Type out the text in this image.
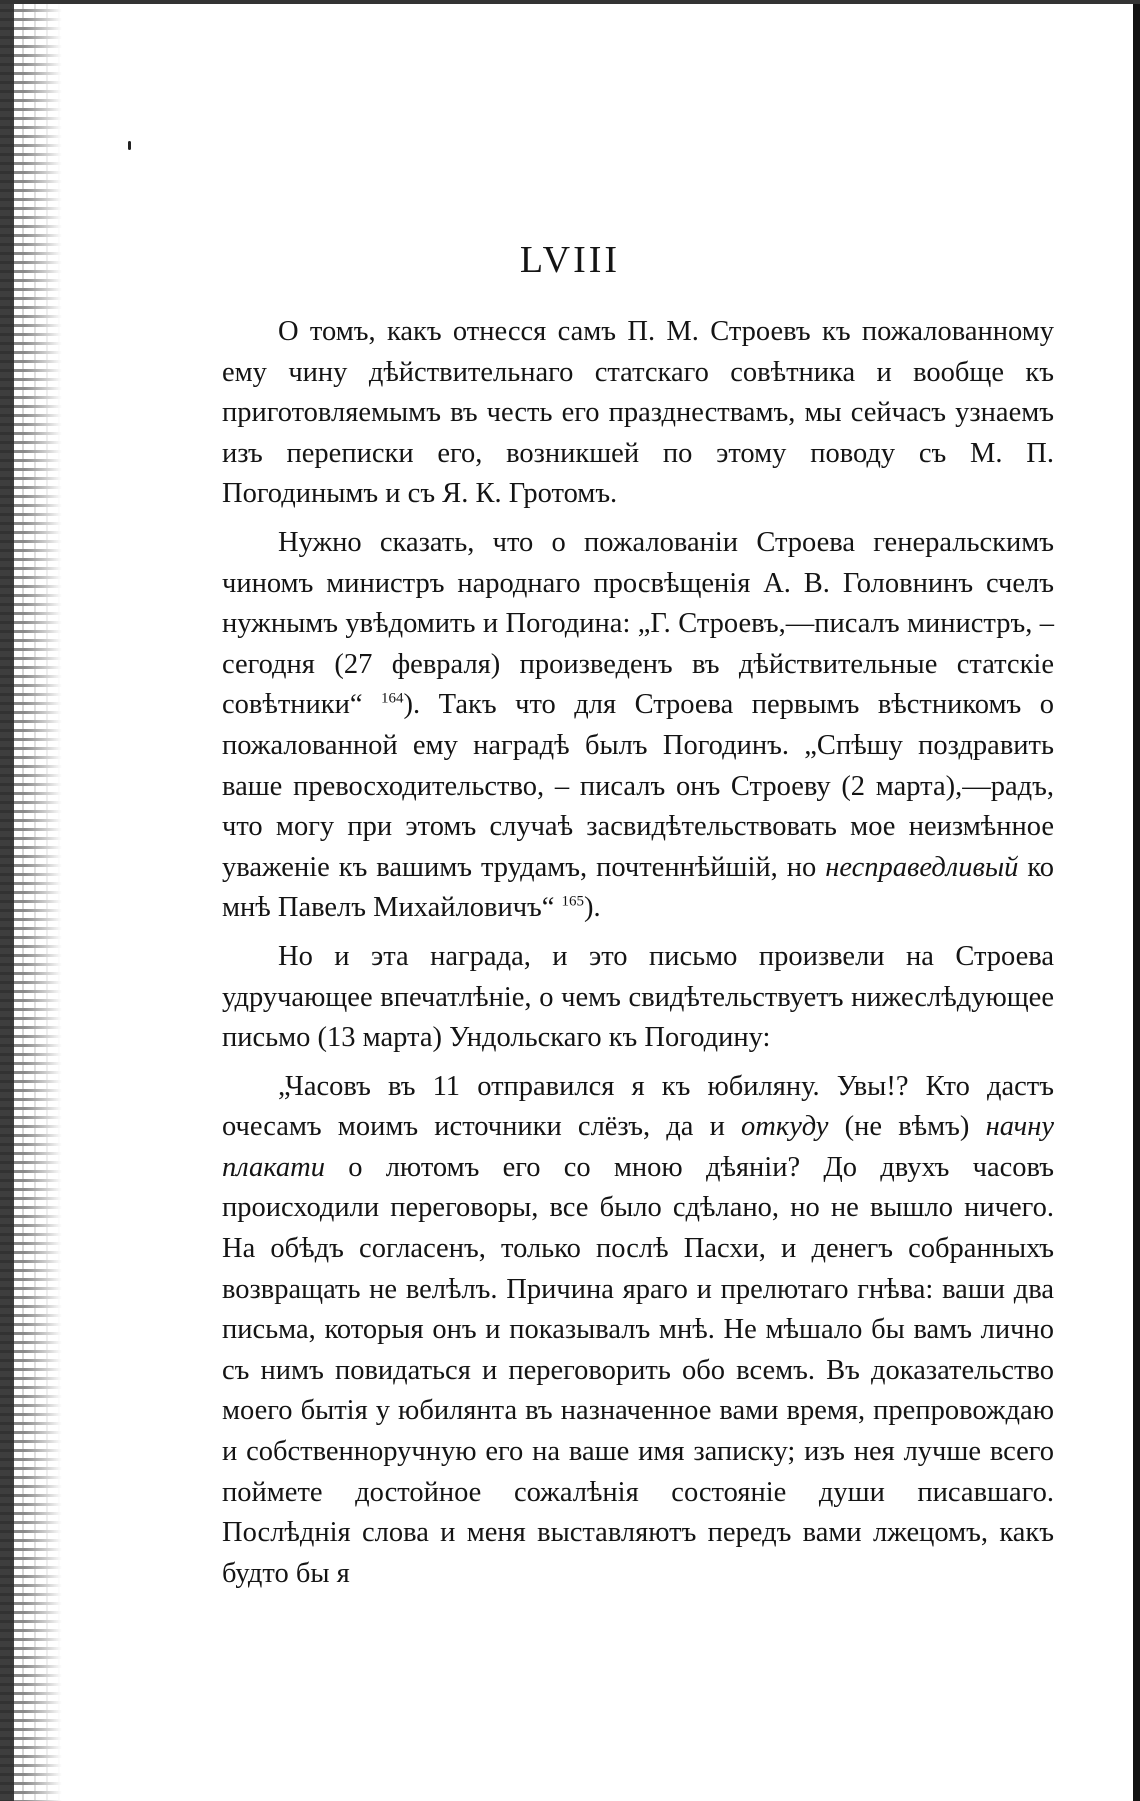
LVIII

О томъ, какъ отнесся самъ П. М. Строевъ къ пожалованному ему чину дѣйствительнаго статскаго совѣтника и вообще къ приготовляемымъ въ честь его празднествамъ, мы сейчасъ узнаемъ изъ переписки его, возникшей по этому поводу съ М. П. Погодинымъ и съ Я. К. Гротомъ.

Нужно сказать, что о пожалованіи Строева генеральскимъ чиномъ министръ народнаго просвѣщенія А. В. Головнинъ счелъ нужнымъ увѣдомить и Погодина: „Г. Строевъ,—писалъ министръ, – сегодня (27 февраля) произведенъ въ дѣйствительные статскіе совѣтники“ $^{164}$). Такъ что для Строева первымъ вѣстникомъ о пожалованной ему наградѣ былъ Погодинъ. „Спѣшу поздравить ваше превосходительство, – писалъ онъ Строеву (2 марта),—радъ, что могу при этомъ случаѣ засвидѣтельствовать мое неизмѣнное уваженіе къ вашимъ трудамъ, почтеннѣйшій, но несправедливый ко мнѣ Павелъ Михайловичъ“ $^{165}$).

Но и эта награда, и это письмо произвели на Строева удручающее впечатлѣніе, о чемъ свидѣтельствуетъ нижеслѣдующее письмо (13 марта) Ундольскаго къ Погодину:

„Часовъ въ 11 отправился я къ юбиляну. Увы!? Кто дастъ очесамъ моимъ источники слёзъ, да и откуду (не вѣмъ) начну плакати о лютомъ его со мною дѣяніи? До двухъ часовъ происходили переговоры, все было сдѣлано, но не вышло ничего. На обѣдъ согласенъ, только послѣ Пасхи, и денегъ собранныхъ возвращать не велѣлъ. Причина яраго и прелютаго гнѣва: ваши два письма, которыя онъ и показывалъ мнѣ. Не мѣшало бы вамъ лично съ нимъ повидаться и переговорить обо всемъ. Въ доказательство моего бытія у юбилянта въ назначенное вами время, препровождаю и собственноручную его на ваше имя записку; изъ нея лучше всего поймете достойное сожалѣнія состояніе души писавшаго. Послѣднія слова и меня выставляютъ передъ вами лжецомъ, какъ будто бы я
